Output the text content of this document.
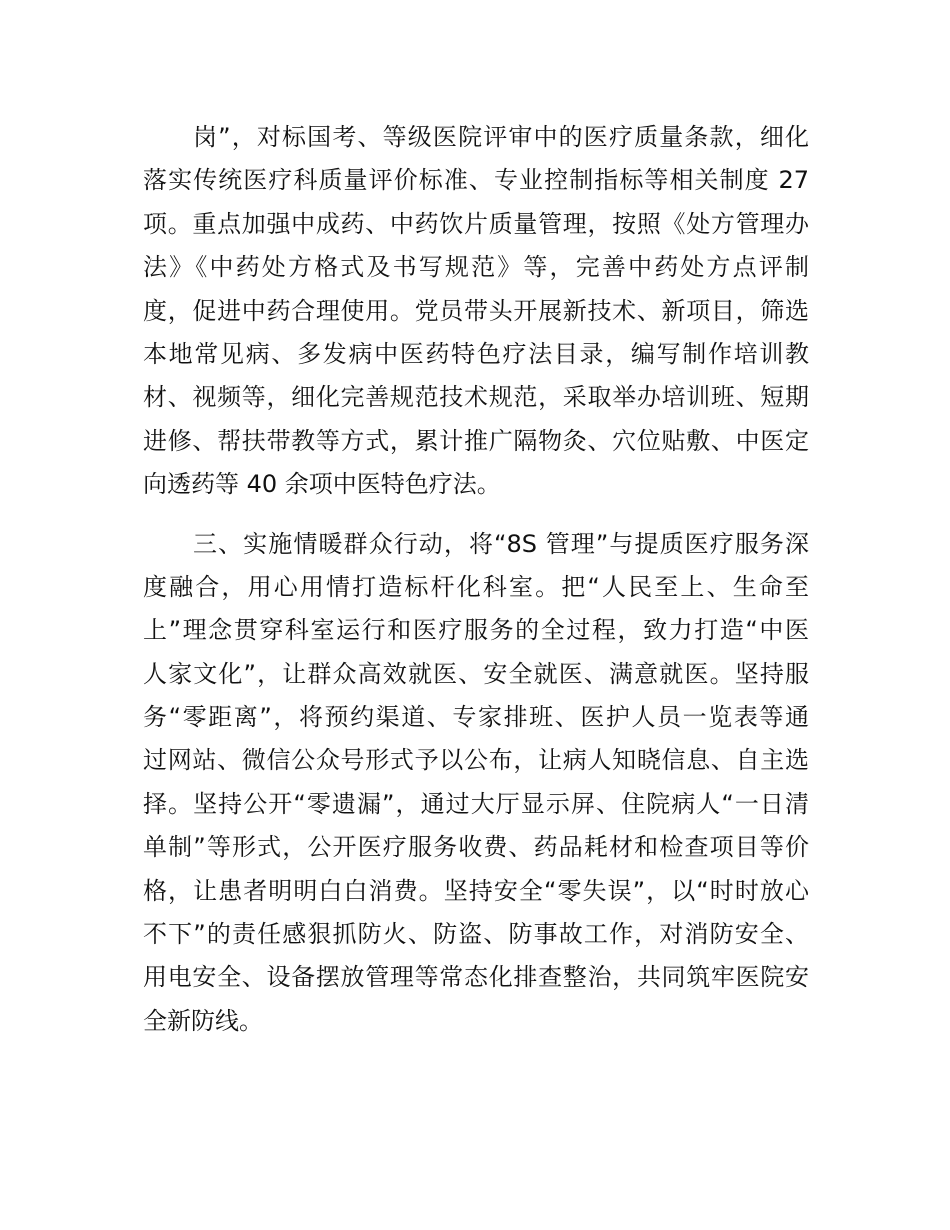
岗”，对标国考、等级医院评审中的医疗质量条款，细化
落实传统医疗科质量评价标准、专业控制指标等相关制度 27
项。重点加强中成药、中药饮片质量管理，按照《处方管理办
法》《中药处方格式及书写规范》等，完善中药处方点评制
度，促进中药合理使用。党员带头开展新技术、新项目，筛选
本地常见病、多发病中医药特色疗法目录，编写制作培训教
材、视频等，细化完善规范技术规范，采取举办培训班、短期
进修、帮扶带教等方式，累计推广隔物灸、穴位贴敷、中医定
向透药等 40 余项中医特色疗法。
三、实施情暖群众行动，将“8S 管理”与提质医疗服务深
度融合，用心用情打造标杆化科室。把“人民至上、生命至
上”理念贯穿科室运行和医疗服务的全过程，致力打造“中医
人家文化”，让群众高效就医、安全就医、满意就医。坚持服
务“零距离”，将预约渠道、专家排班、医护人员一览表等通
过网站、微信公众号形式予以公布，让病人知晓信息、自主选
择。坚持公开“零遗漏”，通过大厅显示屏、住院病人“一日清
单制”等形式，公开医疗服务收费、药品耗材和检查项目等价
格，让患者明明白白消费。坚持安全“零失误”，以“时时放心
不下”的责任感狠抓防火、防盗、防事故工作，对消防安全、
用电安全、设备摆放管理等常态化排查整治，共同筑牢医院安
全新防线。
